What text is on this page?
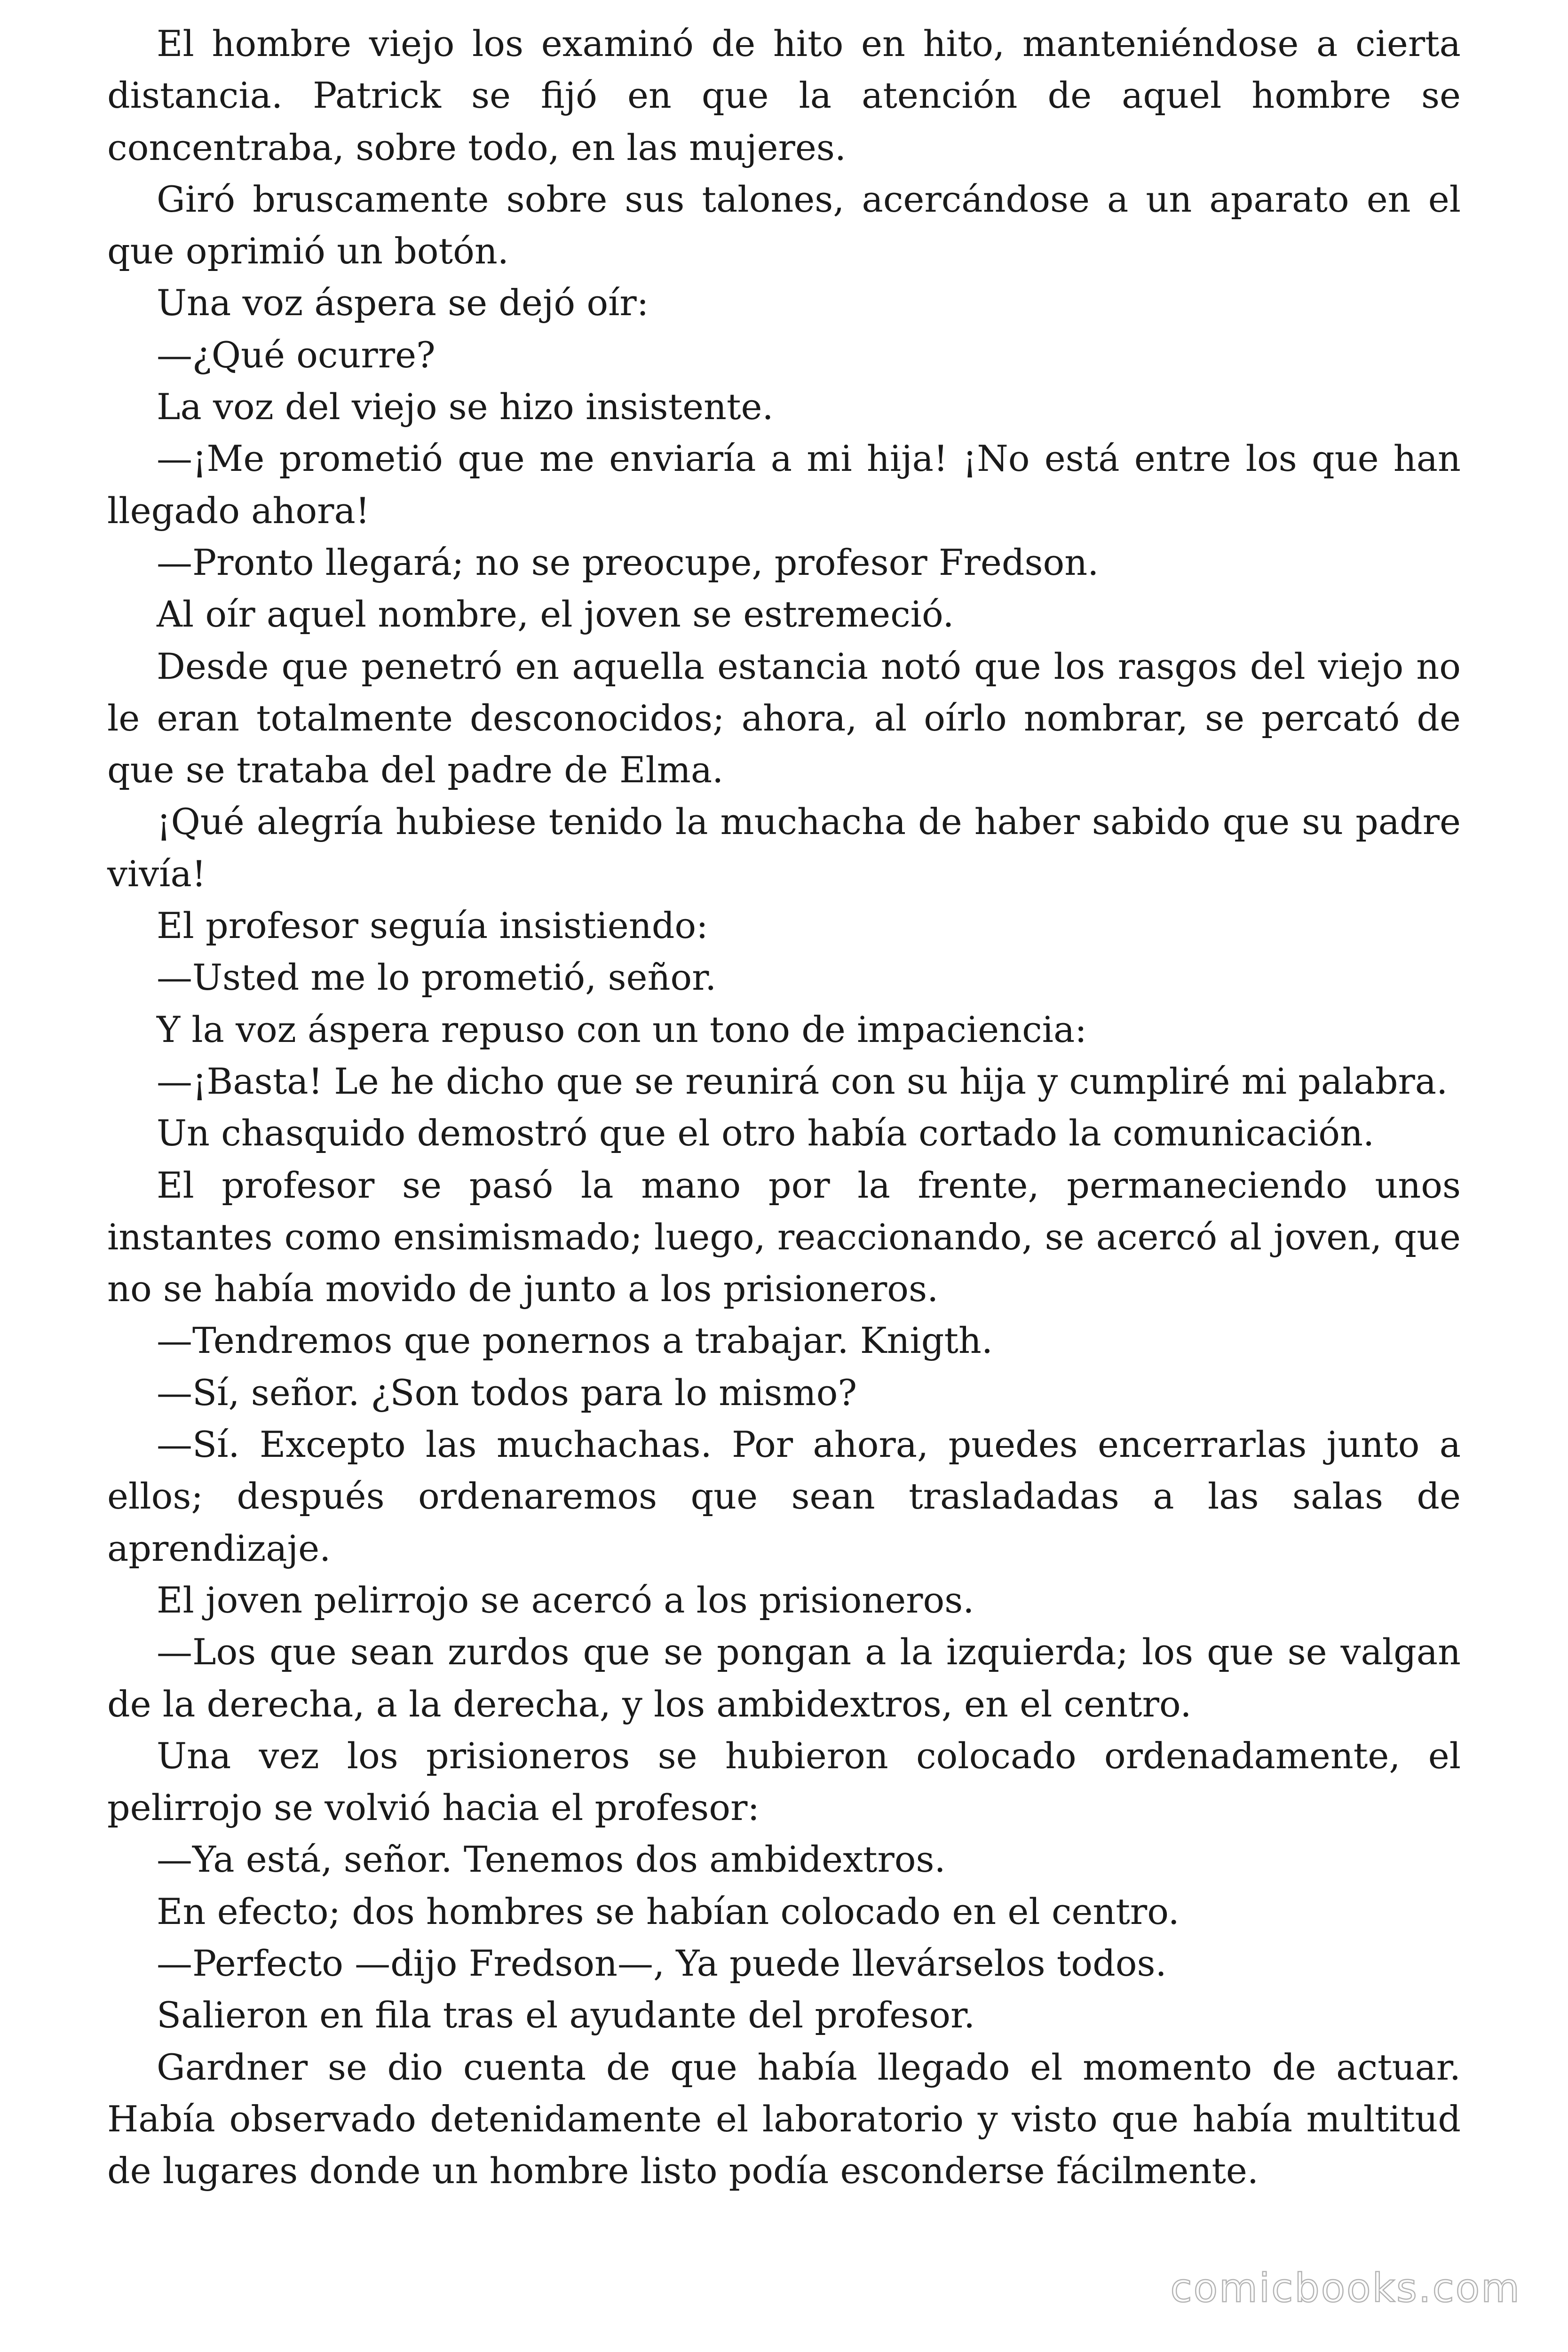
El hombre viejo los examinó de hito en hito, manteniéndose a cierta distancia. Patrick se fijó en que la atención de aquel hombre se concentraba, sobre todo, en las mujeres.

Giró bruscamente sobre sus talones, acercándose a un aparato en el que oprimió un botón.

Una voz áspera se dejó oír:

—¿Qué ocurre?

La voz del viejo se hizo insistente.

—¡Me prometió que me enviaría a mi hija! ¡No está entre los que han llegado ahora!

—Pronto llegará; no se preocupe, profesor Fredson.

Al oír aquel nombre, el joven se estremeció.

Desde que penetró en aquella estancia notó que los rasgos del viejo no le eran totalmente desconocidos; ahora, al oírlo nombrar, se percató de que se trataba del padre de Elma.

¡Qué alegría hubiese tenido la muchacha de haber sabido que su padre vivía!

El profesor seguía insistiendo:

—Usted me lo prometió, señor.

Y la voz áspera repuso con un tono de impaciencia:

—¡Basta! Le he dicho que se reunirá con su hija y cumpliré mi palabra.

Un chasquido demostró que el otro había cortado la comunicación.

El profesor se pasó la mano por la frente, permaneciendo unos instantes como ensimismado; luego, reaccionando, se acercó al joven, que no se había movido de junto a los prisioneros.

—Tendremos que ponernos a trabajar. Knigth.

—Sí, señor. ¿Son todos para lo mismo?

—Sí. Excepto las muchachas. Por ahora, puedes encerrarlas junto a ellos; después ordenaremos que sean trasladadas a las salas de aprendizaje.

El joven pelirrojo se acercó a los prisioneros.

—Los que sean zurdos que se pongan a la izquierda; los que se valgan de la derecha, a la derecha, y los ambidextros, en el centro.

Una vez los prisioneros se hubieron colocado ordenadamente, el pelirrojo se volvió hacia el profesor:

—Ya está, señor. Tenemos dos ambidextros.

En efecto; dos hombres se habían colocado en el centro.

—Perfecto —dijo Fredson—, Ya puede llevárselos todos.

Salieron en fila tras el ayudante del profesor.

Gardner se dio cuenta de que había llegado el momento de actuar. Había observado detenidamente el laboratorio y visto que había multitud de lugares donde un hombre listo podía esconderse fácilmente.

comicbooks.com
